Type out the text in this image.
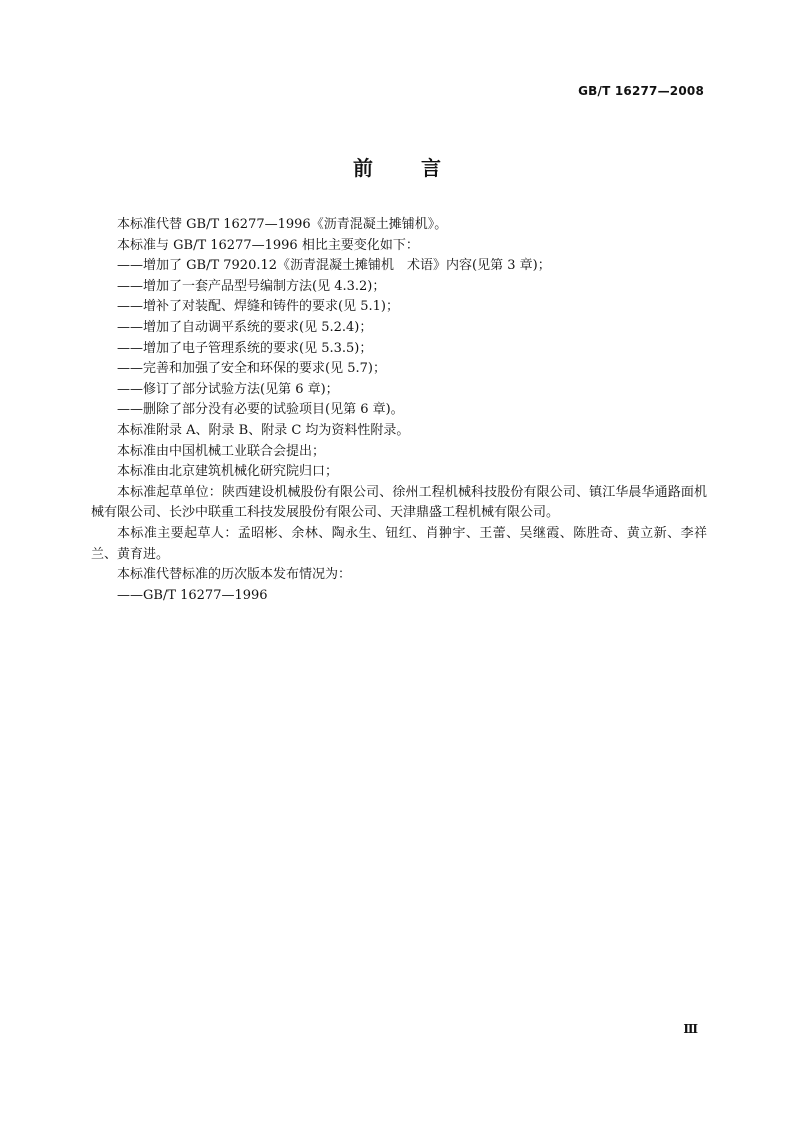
GB/T 16277—2008
前言

本标准代替 GB/T 16277—1996《沥青混凝土摊铺机》。

本标准与 GB/T 16277—1996 相比主要变化如下：

——增加了 GB/T 7920.12《沥青混凝土摊铺机　术语》内容(见第 3 章)；

——增加了一套产品型号编制方法(见 4.3.2)；

——增补了对装配、焊缝和铸件的要求(见 5.1)；

——增加了自动调平系统的要求(见 5.2.4)；

——增加了电子管理系统的要求(见 5.3.5)；

——完善和加强了安全和环保的要求(见 5.7)；

——修订了部分试验方法(见第 6 章)；

——删除了部分没有必要的试验项目(见第 6 章)。

本标准附录 A、附录 B、附录 C 均为资料性附录。

本标准由中国机械工业联合会提出；

本标准由北京建筑机械化研究院归口；

本标准起草单位：陕西建设机械股份有限公司、徐州工程机械科技股份有限公司、镇江华晨华通路面机械有限公司、长沙中联重工科技发展股份有限公司、天津鼎盛工程机械有限公司。

本标准主要起草人：孟昭彬、余林、陶永生、钮红、肖翀宇、王蕾、吴继霞、陈胜奇、黄立新、李祥兰、黄育进。

本标准代替标准的历次版本发布情况为：

——GB/T 16277—1996

Ⅲ
